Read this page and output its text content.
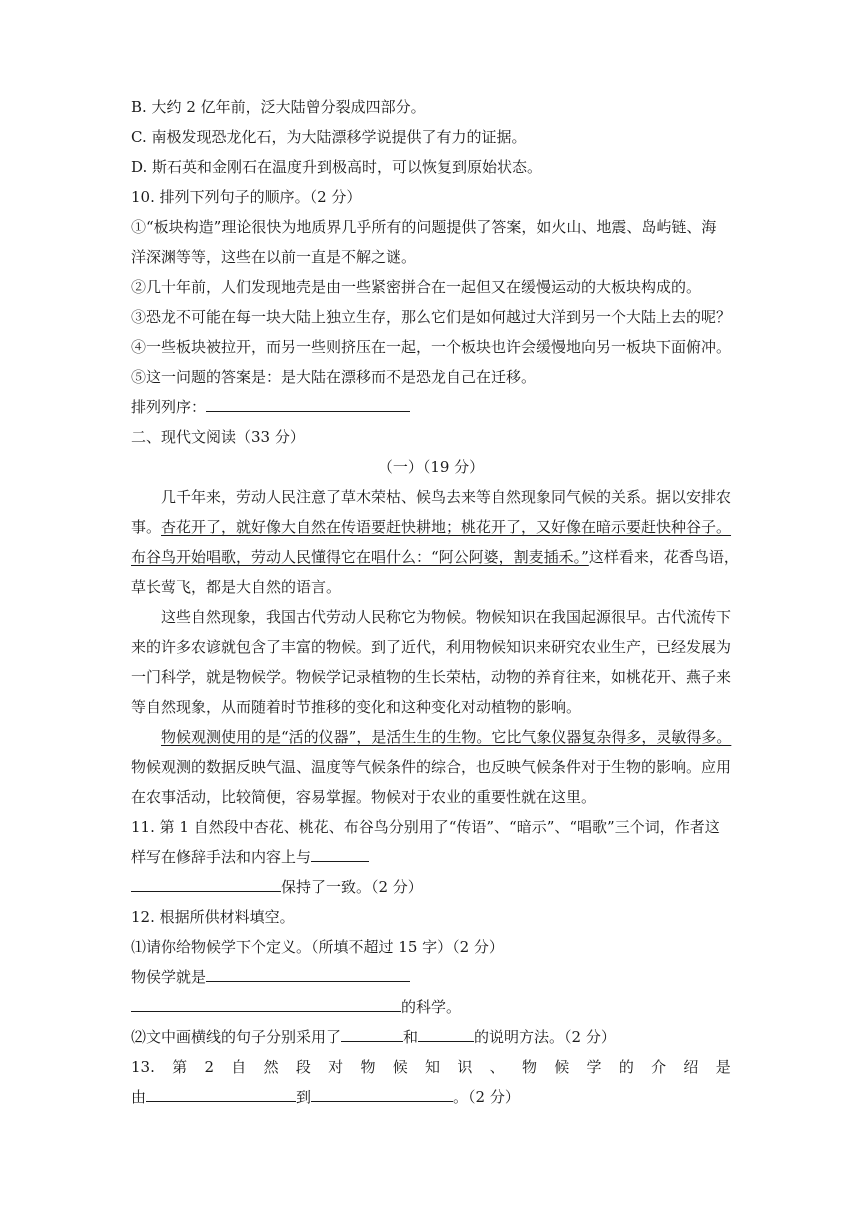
B. 大约 2 亿年前，泛大陆曾分裂成四部分。

C. 南极发现恐龙化石，为大陆漂移学说提供了有力的证据。

D. 斯石英和金刚石在温度升到极高时，可以恢复到原始状态。

10. 排列下列句子的顺序。（2 分）

①“板块构造”理论很快为地质界几乎所有的问题提供了答案，如火山、地震、岛屿链、海

洋深渊等等，这些在以前一直是不解之谜。

②几十年前，人们发现地壳是由一些紧密拼合在一起但又在缓慢运动的大板块构成的。

③恐龙不可能在每一块大陆上独立生存，那么它们是如何越过大洋到另一个大陆上去的呢？

④一些板块被拉开，而另一些则挤压在一起，一个板块也许会缓慢地向另一板块下面俯冲。

⑤这一问题的答案是：是大陆在漂移而不是恐龙自己在迁移。

排列列序：

二、现代文阅读（33 分）

（一）（19 分）

几千年来，劳动人民注意了草木荣枯、候鸟去来等自然现象同气候的关系。据以安排农

事。杏花开了，就好像大自然在传语要赶快耕地；桃花开了，又好像在暗示要赶快种谷子。

布谷鸟开始唱歌，劳动人民懂得它在唱什么：“阿公阿婆，割麦插禾。”这样看来，花香鸟语，

草长莺飞，都是大自然的语言。

这些自然现象，我国古代劳动人民称它为物候。物候知识在我国起源很早。古代流传下

来的许多农谚就包含了丰富的物候。到了近代，利用物候知识来研究农业生产，已经发展为

一门科学，就是物候学。物候学记录植物的生长荣枯，动物的养育往来，如桃花开、燕子来

等自然现象，从而随着时节推移的变化和这种变化对动植物的影响。

物候观测使用的是“活的仪器”，是活生生的生物。它比气象仪器复杂得多，灵敏得多。

物候观测的数据反映气温、温度等气候条件的综合，也反映气候条件对于生物的影响。应用

在农事活动，比较简便，容易掌握。物候对于农业的重要性就在这里。

11. 第 1 自然段中杏花、桃花、布谷鸟分别用了“传语”、“暗示”、“唱歌”三个词，作者这

样写在修辞手法和内容上与

保持了一致。（2 分）

12. 根据所供材料填空。

⑴请你给物候学下个定义。（所填不超过 15 字）（2 分）

物侯学就是

的科学。

⑵文中画横线的句子分别采用了	和	的说明方法。（2 分）

13. 第 2 自 然 段 对 物 候 知 识 、 物 候 学 的 介 绍 是

由	到	。（2 分）
